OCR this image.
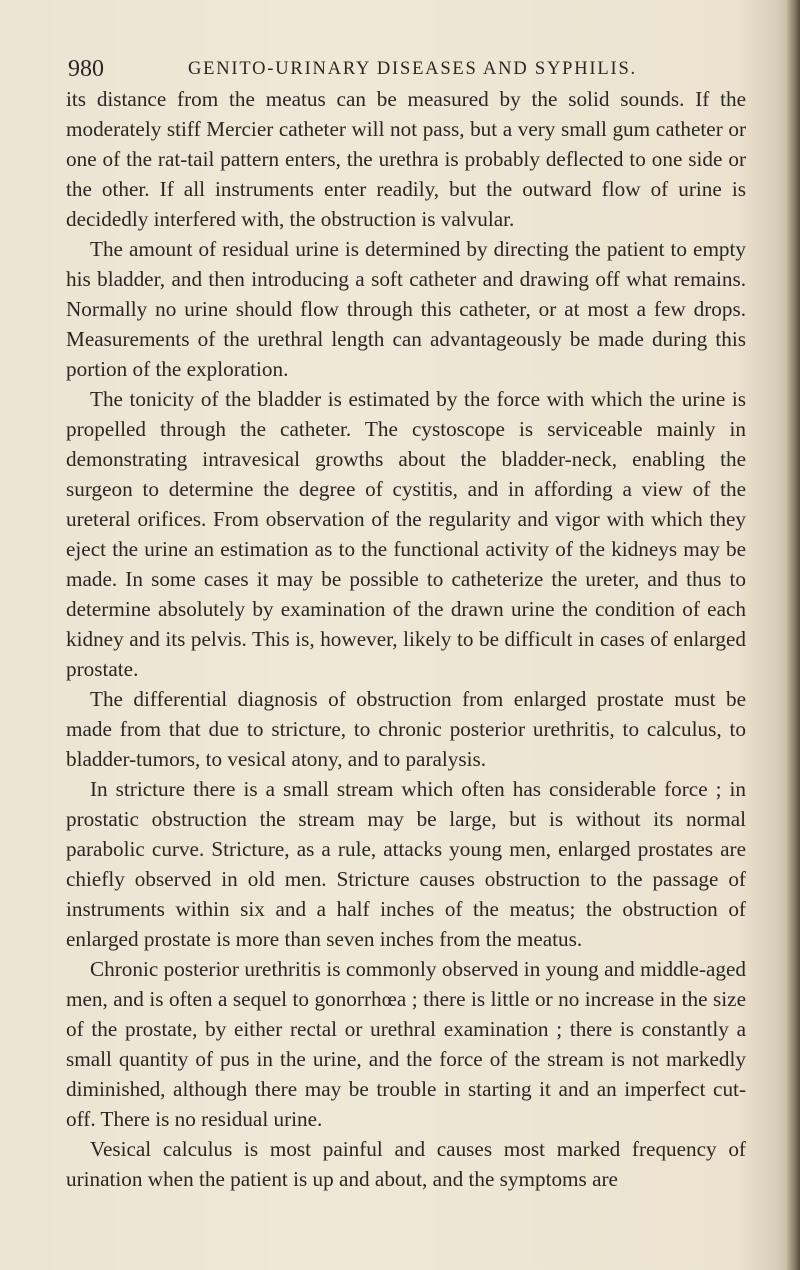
980	GENITO-URINARY DISEASES AND SYPHILIS.

its distance from the meatus can be measured by the solid sounds. If the moderately stiff Mercier catheter will not pass, but a very small gum catheter or one of the rat-tail pattern enters, the urethra is probably deflected to one side or the other. If all instruments enter readily, but the outward flow of urine is decidedly interfered with, the obstruction is valvular.

The amount of residual urine is determined by directing the patient to empty his bladder, and then introducing a soft catheter and drawing off what remains. Normally no urine should flow through this catheter, or at most a few drops. Measurements of the urethral length can advantageously be made during this portion of the exploration.

The tonicity of the bladder is estimated by the force with which the urine is propelled through the catheter. The cystoscope is serviceable mainly in demonstrating intravesical growths about the bladder-neck, enabling the surgeon to determine the degree of cystitis, and in affording a view of the ureteral orifices. From observation of the regularity and vigor with which they eject the urine an estimation as to the functional activity of the kidneys may be made. In some cases it may be possible to catheterize the ureter, and thus to determine absolutely by examination of the drawn urine the condition of each kidney and its pelvis. This is, however, likely to be difficult in cases of enlarged prostate.

The differential diagnosis of obstruction from enlarged prostate must be made from that due to stricture, to chronic posterior urethritis, to calculus, to bladder-tumors, to vesical atony, and to paralysis.

In stricture there is a small stream which often has considerable force ; in prostatic obstruction the stream may be large, but is without its normal parabolic curve. Stricture, as a rule, attacks young men, enlarged prostates are chiefly observed in old men. Stricture causes obstruction to the passage of instruments within six and a half inches of the meatus; the obstruction of enlarged prostate is more than seven inches from the meatus.

Chronic posterior urethritis is commonly observed in young and middle-aged men, and is often a sequel to gonorrhœa ; there is little or no increase in the size of the prostate, by either rectal or urethral examination ; there is constantly a small quantity of pus in the urine, and the force of the stream is not markedly diminished, although there may be trouble in starting it and an imperfect cut-off. There is no residual urine.

Vesical calculus is most painful and causes most marked frequency of urination when the patient is up and about, and the symptoms are
